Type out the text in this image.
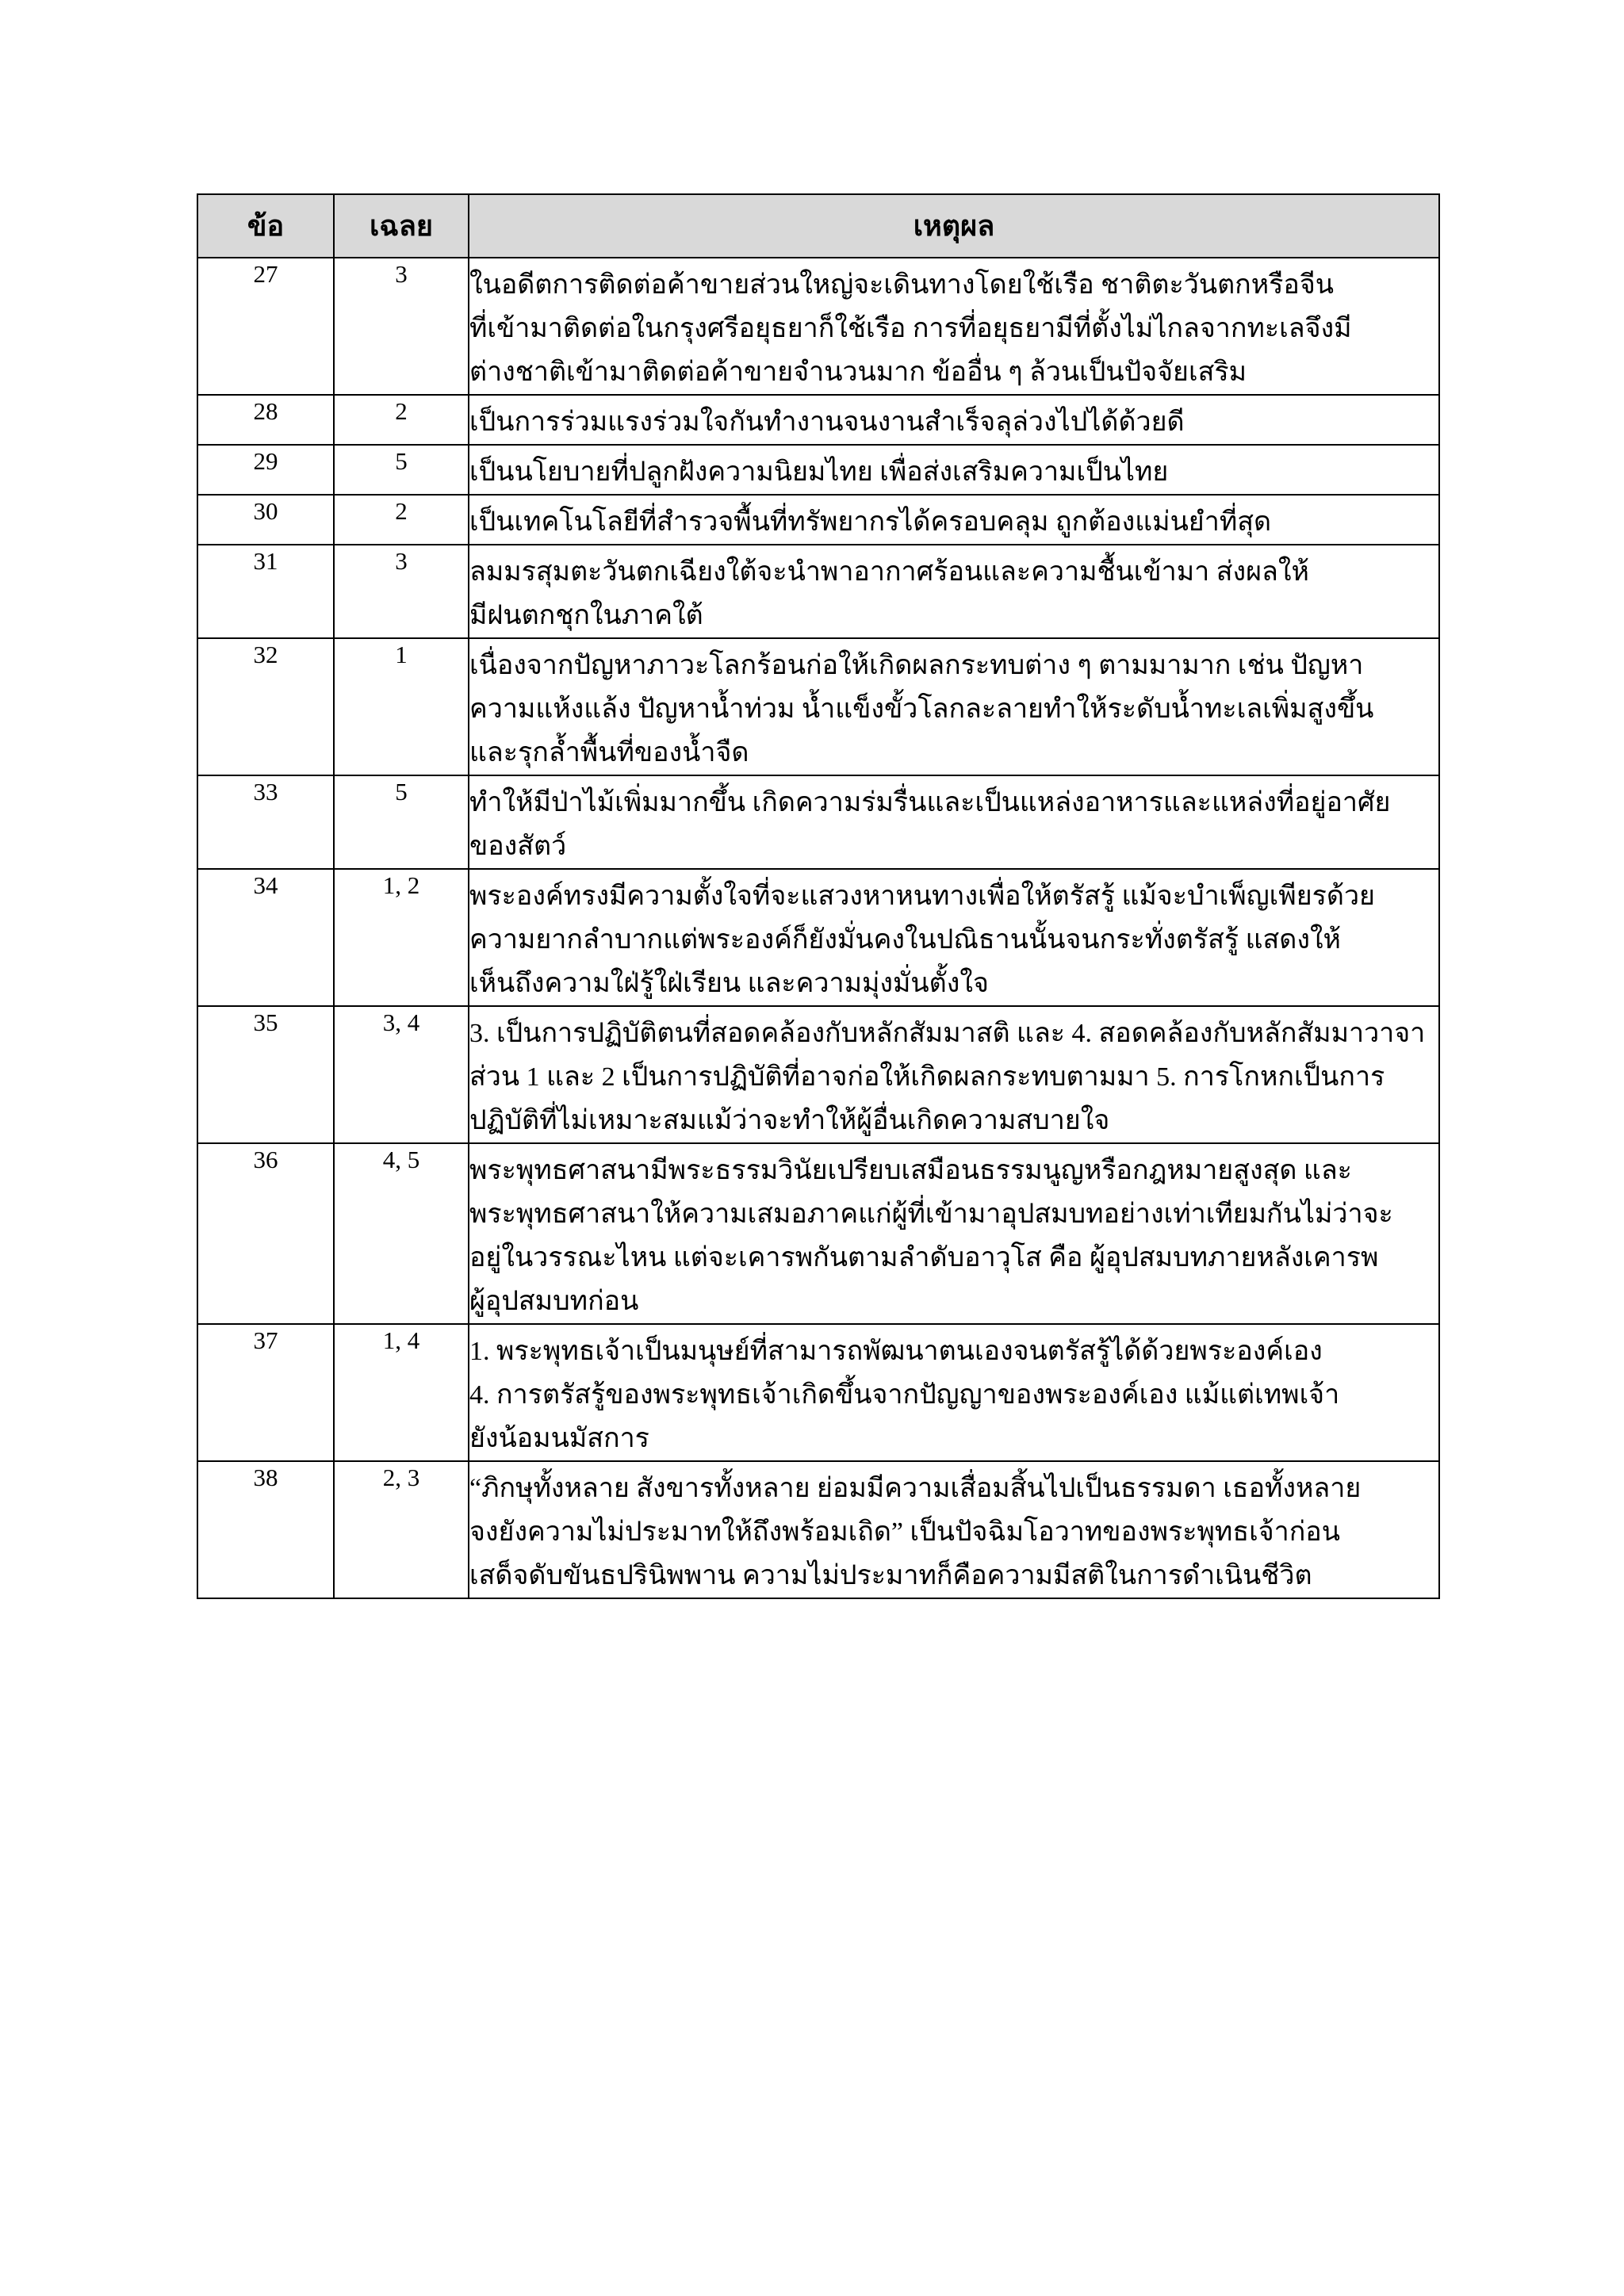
ข้อ	เฉลย	เหตุผล
27	3	ในอดีตการติดต่อค้าขายส่วนใหญ่จะเดินทางโดยใช้เรือ ชาติตะวันตกหรือจีน
ที่เข้ามาติดต่อในกรุงศรีอยุธยาก็ใช้เรือ การที่อยุธยามีที่ตั้งไม่ไกลจากทะเลจึงมี
ต่างชาติเข้ามาติดต่อค้าขายจำนวนมาก ข้ออื่น ๆ ล้วนเป็นปัจจัยเสริม

28	2	เป็นการร่วมแรงร่วมใจกันทำงานจนงานสำเร็จลุล่วงไปได้ด้วยดี

29	5	เป็นนโยบายที่ปลูกฝังความนิยมไทย เพื่อส่งเสริมความเป็นไทย

30	2	เป็นเทคโนโลยีที่สำรวจพื้นที่ทรัพยากรได้ครอบคลุม ถูกต้องแม่นยำที่สุด

31	3	ลมมรสุมตะวันตกเฉียงใต้จะนำพาอากาศร้อนและความชื้นเข้ามา ส่งผลให้
มีฝนตกชุกในภาคใต้

32	1	เนื่องจากปัญหาภาวะโลกร้อนก่อให้เกิดผลกระทบต่าง ๆ ตามมามาก เช่น ปัญหา
ความแห้งแล้ง ปัญหาน้ำท่วม น้ำแข็งขั้วโลกละลายทำให้ระดับน้ำทะเลเพิ่มสูงขึ้น
และรุกล้ำพื้นที่ของน้ำจืด

33	5	ทำให้มีป่าไม้เพิ่มมากขึ้น เกิดความร่มรื่นและเป็นแหล่งอาหารและแหล่งที่อยู่อาศัย
ของสัตว์

34	1, 2	พระองค์ทรงมีความตั้งใจที่จะแสวงหาหนทางเพื่อให้ตรัสรู้ แม้จะบำเพ็ญเพียรด้วย
ความยากลำบากแต่พระองค์ก็ยังมั่นคงในปณิธานนั้นจนกระทั่งตรัสรู้ แสดงให้
เห็นถึงความใฝ่รู้ใฝ่เรียน และความมุ่งมั่นตั้งใจ

35	3, 4	3. เป็นการปฏิบัติตนที่สอดคล้องกับหลักสัมมาสติ และ 4. สอดคล้องกับหลักสัมมาวาจา
ส่วน 1 และ 2 เป็นการปฏิบัติที่อาจก่อให้เกิดผลกระทบตามมา 5. การโกหกเป็นการ
ปฏิบัติที่ไม่เหมาะสมแม้ว่าจะทำให้ผู้อื่นเกิดความสบายใจ

36	4, 5	พระพุทธศาสนามีพระธรรมวินัยเปรียบเสมือนธรรมนูญหรือกฎหมายสูงสุด และ
พระพุทธศาสนาให้ความเสมอภาคแก่ผู้ที่เข้ามาอุปสมบทอย่างเท่าเทียมกันไม่ว่าจะ
อยู่ในวรรณะไหน แต่จะเคารพกันตามลำดับอาวุโส คือ ผู้อุปสมบทภายหลังเคารพ
ผู้อุปสมบทก่อน

37	1, 4	1. พระพุทธเจ้าเป็นมนุษย์ที่สามารถพัฒนาตนเองจนตรัสรู้ได้ด้วยพระองค์เอง
4. การตรัสรู้ของพระพุทธเจ้าเกิดขึ้นจากปัญญาของพระองค์เอง แม้แต่เทพเจ้า
ยังน้อมนมัสการ

38	2, 3	“ภิกษุทั้งหลาย สังขารทั้งหลาย ย่อมมีความเสื่อมสิ้นไปเป็นธรรมดา เธอทั้งหลาย
จงยังความไม่ประมาทให้ถึงพร้อมเถิด” เป็นปัจฉิมโอวาทของพระพุทธเจ้าก่อน
เสด็จดับขันธปรินิพพาน ความไม่ประมาทก็คือความมีสติในการดำเนินชีวิต
